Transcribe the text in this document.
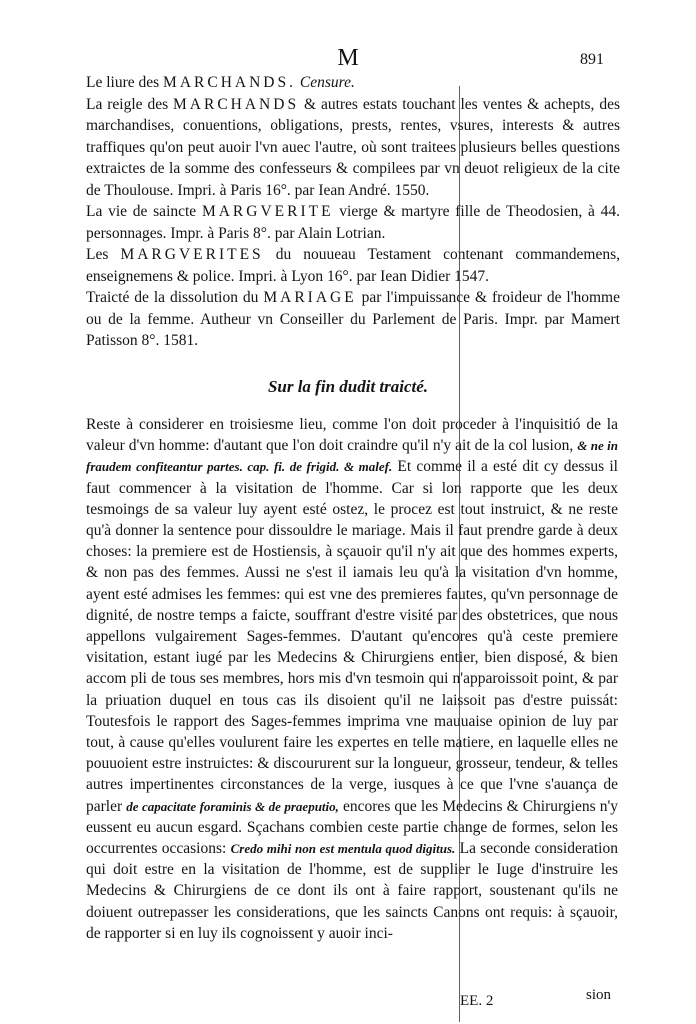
M	891

Le liure des MARCHANDS. Censure.

La reigle des MARCHANDS & autres estats touchant les ventes & achepts, des marchandises, conuentions, obligations, prests, rentes, vsures, interests & autres traffiques qu'on peut auoir l'vn auec l'autre, où sont traitees plusieurs belles questions extraictes de la somme des confesseurs & compilees par vn deuot religieux de la cite de Thoulouse. Impri. à Paris 16°. par Iean André. 1550.

La vie de saincte MARGVERITE vierge & martyre fille de Theodosien, à 44. personnages. Impr. à Paris 8°. par Alain Lotrian.

Les MARGVERITES du nouueau Testament contenant commandemens, enseignemens & police. Impri. à Lyon 16°. par Iean Didier 1547.

Traicté de la dissolution du MARIAGE par l'impuissance & froideur de l'homme ou de la femme. Autheur vn Conseiller du Parlement de Paris. Impr. par Mamert Patisson 8°. 1581.

Sur la fin dudit traicté.

Reste à considerer en troisiesme lieu, comme l'on doit proceder à l'inquisitió de la valeur d'vn homme: d'autant que l'on doit craindre qu'il n'y ait de la col lusion, & ne in fraudem confiteantur partes. cap. fi. de frigid. & malef. Et comme il a esté dit cy dessus il faut commencer à la visitation de l'homme. Car si lon rapporte que les deux tesmoings de sa valeur luy ayent esté ostez, le procez est tout instruict, & ne reste qu'à donner la sentence pour dissouldre le mariage. Mais il faut prendre garde à deux choses: la premiere est de Hostiensis, à sçauoir qu'il n'y ait que des hommes experts, & non pas des femmes. Aussi ne s'est il iamais leu qu'à la visitation d'vn homme, ayent esté admises les femmes: qui est vne des premieres fautes, qu'vn personnage de dignité, de nostre temps a faicte, souffrant d'estre visité par des obstetrices, que nous appellons vulgairement Sages-femmes. D'autant qu'encores qu'à ceste premiere visitation, estant iugé par les Medecins & Chirurgiens entier, bien disposé, & bien accom pli de tous ses membres, hors mis d'vn tesmoin qui n'apparoissoit point, & par la priuation duquel en tous cas ils disoient qu'il ne laissoit pas d'estre puissát: Toutesfois le rapport des Sages-femmes imprima vne mauuaise opinion de luy par tout, à cause qu'elles voulurent faire les expertes en telle matiere, en laquelle elles ne pouuoient estre instruictes: & discoururent sur la longueur, grosseur, tendeur, & telles autres impertinentes circonstances de la verge, iusques à ce que l'vne s'auança de parler de capacitate foraminis & de praeputio, encores que les Medecins & Chirurgiens n'y eussent eu aucun esgard. Sçachans combien ceste partie change de formes, selon les occurrentes occasions: Credo mihi non est mentula quod digitus. La seconde consideration qui doit estre en la visitation de l'homme, est de supplier le Iuge d'instruire les Medecins & Chirurgiens de ce dont ils ont à faire rapport, soustenant qu'ils ne doiuent outrepasser les considerations, que les saincts Canons ont requis: à sçauoir, de rapporter si en luy ils cognoissent y auoir inci-

EE. 2	sion
